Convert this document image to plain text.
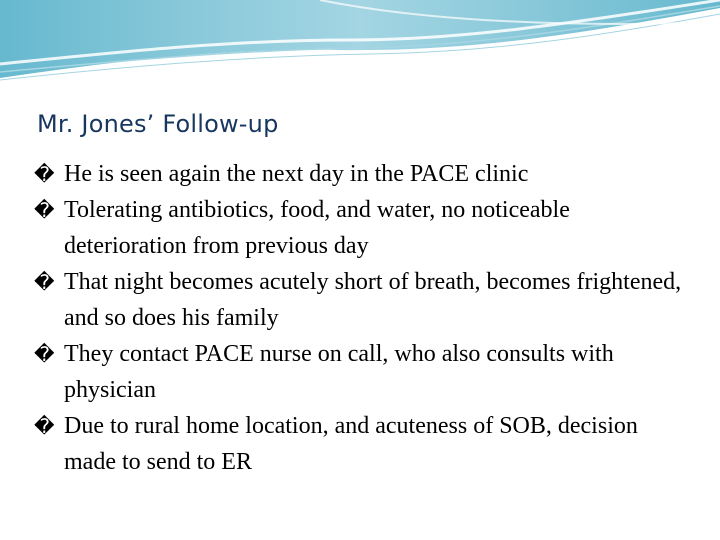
Mr. Jones’ Follow-up
� He is seen again the next day in the PACE clinic
� Tolerating antibiotics, food, and water, no noticeable deterioration from previous day
� That night becomes acutely short of breath, becomes frightened, and so does his family
� They contact PACE nurse on call, who also consults with physician
� Due to rural home location, and acuteness of SOB, decision made to send to ER
